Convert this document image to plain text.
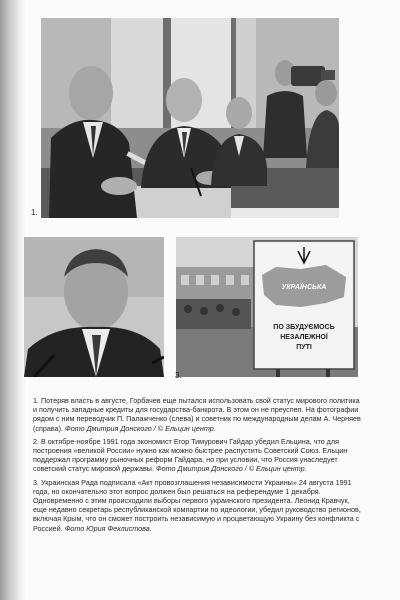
1.
УКРАЇНСЬКА
ПО ЗБУДУЄМОСЬ
НЕЗАЛЕЖНОЇ
ПУТІ
3.

1. Потеряв власть в августе, Горбачев еще пытался использовать свой статус мирового политика и получить западные кредиты для государства-банкрота. В этом он не преуспел. На фотографии рядом с ним переводчик П. Палажченко (слева) и советник по международным делам А. Черняев (справа). Фото Дмитрия Донского / © Ельцин центр.

2. В октябре-ноябре 1991 года экономист Егор Тимурович Гайдар убедил Ельцина, что для построения «великой России» нужно как можно быстрее распустить Советский Союз. Ельцин поддержал программу рыночных реформ Гайдара, но при условии, что Россия унаследует советский статус мировой державы. Фото Дмитрия Донского / © Ельцин центр.

3. Украинская Рада подписала «Акт провозглашения независимости Украины» 24 августа 1991 года, но окончательно этот вопрос должен был решаться на референдуме 1 декабря. Одновременно с этим происходили выборы первого украинского президента. Леонид Кравчук, еще недавно секретарь республиканской компартии по идеологии, убедил руководство регионов, включая Крым, что он сможет построить независимую и процветающую Украину без конфликта с Россией. Фото Юрия Феклистова.
